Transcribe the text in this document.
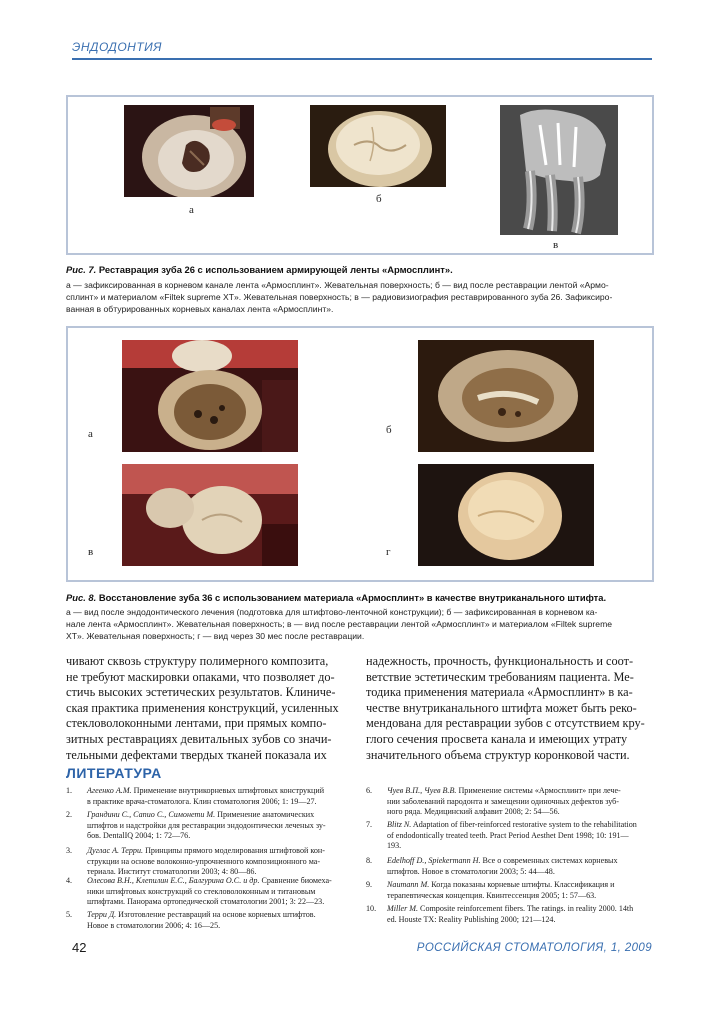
ЭНДОДОНТИЯ
а
б
в
Рис. 7. Реставрация зуба 26 с использованием армирующей ленты «Армосплинт».
а — зафиксированная в корневом канале лента «Армосплинт». Жевательная поверхность; б — вид после реставрации лентой «Армо-
сплинт» и материалом «Filtek supreme XT». Жевательная поверхность; в — радиовизиография реставрированного зуба 26. Зафиксиро-
ванная в обтурированных корневых каналах лента «Армосплинт».
а	б
в	г
Рис. 8. Восстановление зуба 36 с использованием материала «Армосплинт» в качестве внутриканального штифта.
а — вид после эндодонтического лечения (подготовка для штифтово-ленточной конструкции); б — зафиксированная в корневом ка-
нале лента «Армосплинт». Жевательная поверхность; в — вид после реставрации лентой «Армосплинт» и материалом «Filtek supreme
XT». Жевательная поверхность; г — вид через 30 мес после реставрации.
чивают сквозь структуру полимерного композита,
не требуют маскировки опаками, что позволяет до-
стичь высоких эстетических результатов. Клиниче-
ская практика применения конструкций, усиленных
стекловолоконными лентами, при прямых компо-
зитных реставрациях девитальных зубов со значи-
тельными дефектами твердых тканей показала их
надежность, прочность, функциональность и соот-
ветствие эстетическим требованиям пациента. Ме-
тодика применения материала «Армосплинт» в ка-
честве внутриканального штифта может быть реко-
мендована для реставрации зубов с отсутствием кру-
глого сечения просвета канала и имеющих утрату
значительного объема структур коронковой части.
ЛИТЕРАТУРА
1.	Агеенко А.М. Применение внутрикорневых штифтовых конструкций
в практике врача-стоматолога. Клин стоматология 2006; 1: 19—27.
2.	Грандини С., Сапио С., Симонети М. Применение анатомических
штифтов и надстройки для реставрации эндодонтически леченых зу-
бов. DentalIQ 2004; 1: 72—76.
3.	Дуглас А. Терри. Принципы прямого моделирования штифтовой кон-
струкции на основе волоконно-упрочненного композиционного ма-
териала. Институт стоматологии 2003; 4: 80—86.
4.	Олесова В.Н., Клепилин Е.С., Балгурина О.С. и др. Сравнение биомеха-
ники штифтовых конструкций со стекловолоконным и титановым
штифтами. Панорама ортопедической стоматологии 2001; 3: 22—23.
5.	Терри Д. Изготовление реставраций на основе корневых штифтов.
Новое в стоматологии 2006; 4: 16—25.
6.	Чуев В.П., Чуев В.В. Применение системы «Армосплинт» при лече-
нии заболеваний пародонта и замещении одиночных дефектов зуб-
ного ряда. Медицинский алфавит 2008; 2: 54—56.
7.	Blitz N. Adaptation of fiber-reinforced restorative system to the rehabilitation
of endodontically treated teeth. Pract Period Aesthet Dent 1998; 10: 191—
193.
8.	Edelhoff D., Spiekermann H. Все о современных системах корневых
штифтов. Новое в стоматологии 2003; 5: 44—48.
9.	Naumann M. Когда показаны корневые штифты. Классификация и
терапевтическая концепция. Квинтессенция 2005; 1: 57—63.
10.	Miller M. Composite reinforcement fibers. The ratings. in reality 2000. 14th
ed. Houste TX: Reality Publishing 2000; 121—124.
42	РОССИЙСКАЯ СТОМАТОЛОГИЯ, 1, 2009
